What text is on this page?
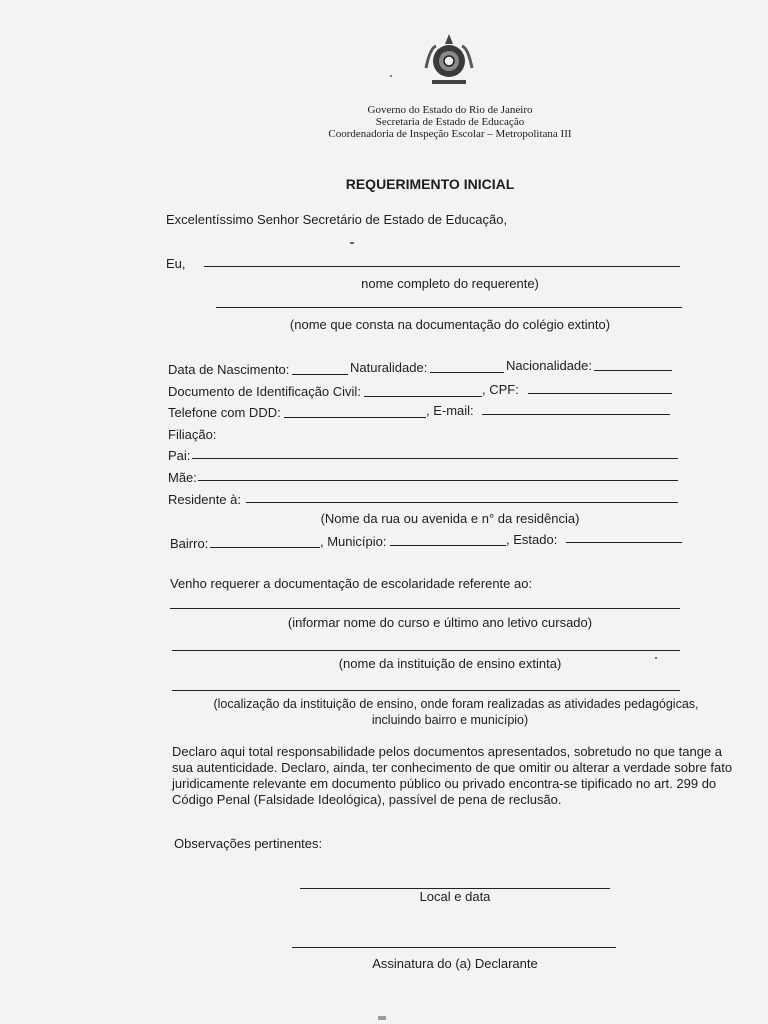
Governo do Estado do Rio de Janeiro
Secretaria de Estado de Educação
Coordenadoria de Inspeção Escolar – Metropolitana III
REQUERIMENTO INICIAL
Excelentíssimo Senhor Secretário de Estado de Educação,
Eu,
nome completo do requerente)
(nome que consta na documentação do colégio extinto)
Data de Nascimento:	Naturalidade:	Nacionalidade:
Documento de Identificação Civil:	, CPF:
Telefone com DDD:	, E-mail:
Filiação:
Pai:
Mãe:
Residente à:
(Nome da rua ou avenida e n° da residência)
Bairro:	, Município:	, Estado:
Venho requerer a documentação de escolaridade referente ao:
(informar nome do curso e último ano letivo cursado)
(nome da instituição de ensino extinta)
(localização da instituição de ensino, onde foram realizadas as atividades pedagógicas,
incluindo bairro e município)
Declaro aqui total responsabilidade pelos documentos apresentados, sobretudo no que tange a sua autenticidade. Declaro, ainda, ter conhecimento de que omitir ou alterar a verdade sobre fato juridicamente relevante em documento público ou privado encontra-se tipificado no art. 299 do Código Penal (Falsidade Ideológica), passível de pena de reclusão.
Observações pertinentes:
Local e data
Assinatura do (a) Declarante
